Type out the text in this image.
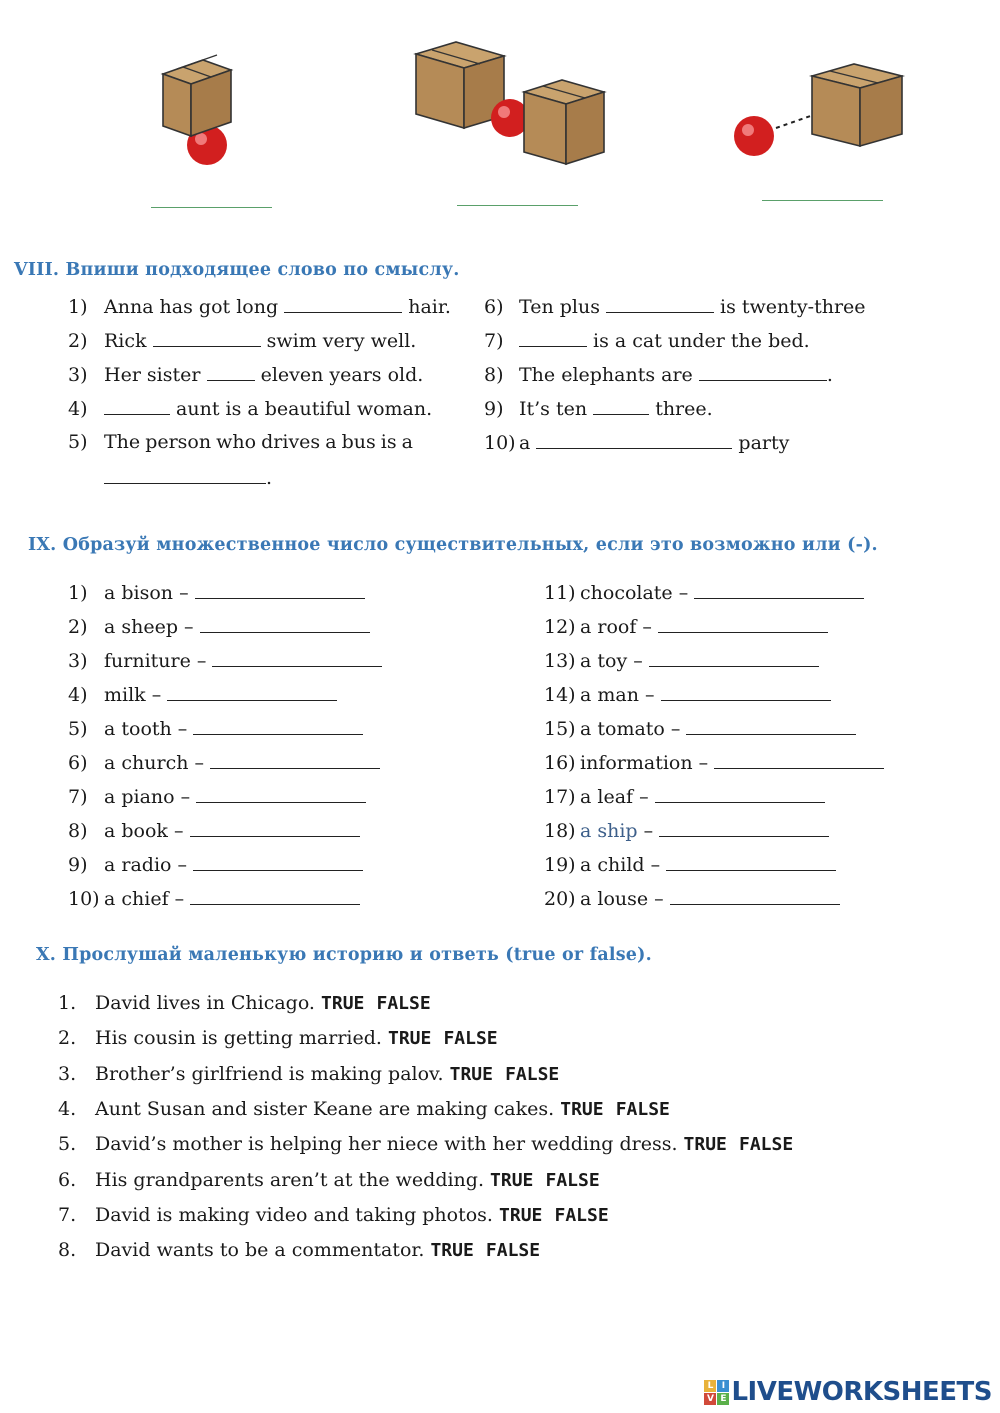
VIII. Впиши подходящее слово по смыслу.
1) Anna has got long	hair.
2) Rick	swim very well.
3) Her sister	eleven years old.
4)	aunt is a beautiful woman.
5) The person who drives a bus is a
.
6) Ten plus	is twenty-three
7)	is a cat under the bed.
8) The elephants are	.
9) It’s ten	three.
10) a	party
IX. Образуй множественное число существительных, если это возможно или (-).
1) a bison –
2) a sheep –
3) furniture –
4) milk –
5) a tooth –
6) a church –
7) a piano –
8) a book –
9) a radio –
10) a chief –
11) chocolate –
12) a roof –
13) a toy –
14) a man –
15) a tomato –
16) information –
17) a leaf –
18) a ship –
19) a child –
20) a louse –
X. Прослушай маленькую историю и ответь (true or false).
1. David lives in Chicago. TRUE FALSE
2. His cousin is getting married. TRUE FALSE
3. Brother’s girlfriend is making palov. TRUE FALSE
4. Aunt Susan and sister Keane are making cakes. TRUE FALSE
5. David’s mother is helping her niece with her wedding dress. TRUE FALSE
6. His grandparents aren’t at the wedding. TRUE FALSE
7. David is making video and taking photos. TRUE FALSE
8. David wants to be a commentator. TRUE FALSE
L I
V E LIVEWORKSHEETS
